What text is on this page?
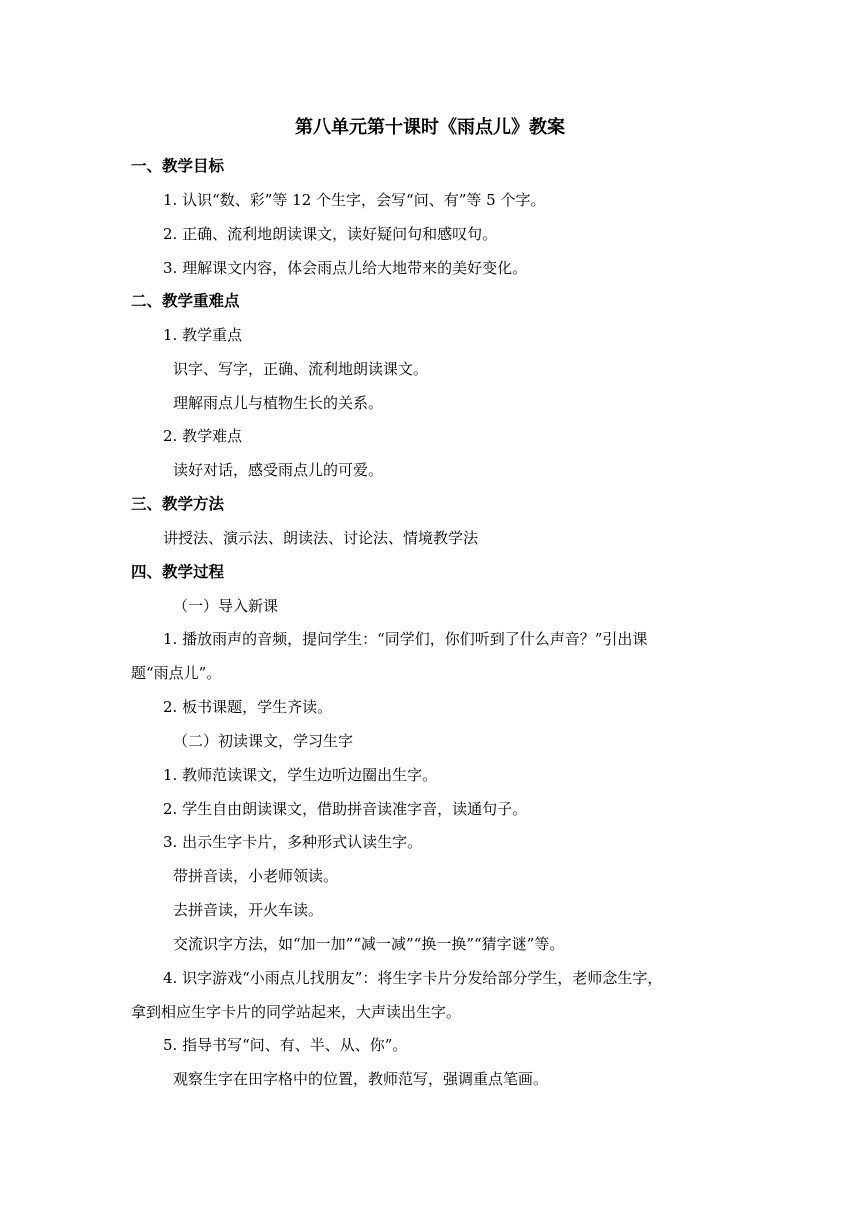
第八单元第十课时《雨点儿》教案
一、教学目标
1. 认识“数、彩”等 12 个生字，会写“问、有”等 5 个字。
2. 正确、流利地朗读课文，读好疑问句和感叹句。
3. 理解课文内容，体会雨点儿给大地带来的美好变化。
二、教学重难点
1. 教学重点
识字、写字，正确、流利地朗读课文。
理解雨点儿与植物生长的关系。
2. 教学难点
读好对话，感受雨点儿的可爱。
三、教学方法
讲授法、演示法、朗读法、讨论法、情境教学法
四、教学过程
（一）导入新课
1. 播放雨声的音频，提问学生：“同学们，你们听到了什么声音？”引出课
题“雨点儿”。
2. 板书课题，学生齐读。
（二）初读课文，学习生字
1. 教师范读课文，学生边听边圈出生字。
2. 学生自由朗读课文，借助拼音读准字音，读通句子。
3. 出示生字卡片，多种形式认读生字。
带拼音读，小老师领读。
去拼音读，开火车读。
交流识字方法，如“加一加”“减一减”“换一换”“猜字谜”等。
4. 识字游戏“小雨点儿找朋友”：将生字卡片分发给部分学生，老师念生字，
拿到相应生字卡片的同学站起来，大声读出生字。
5. 指导书写“问、有、半、从、你”。
观察生字在田字格中的位置，教师范写，强调重点笔画。
